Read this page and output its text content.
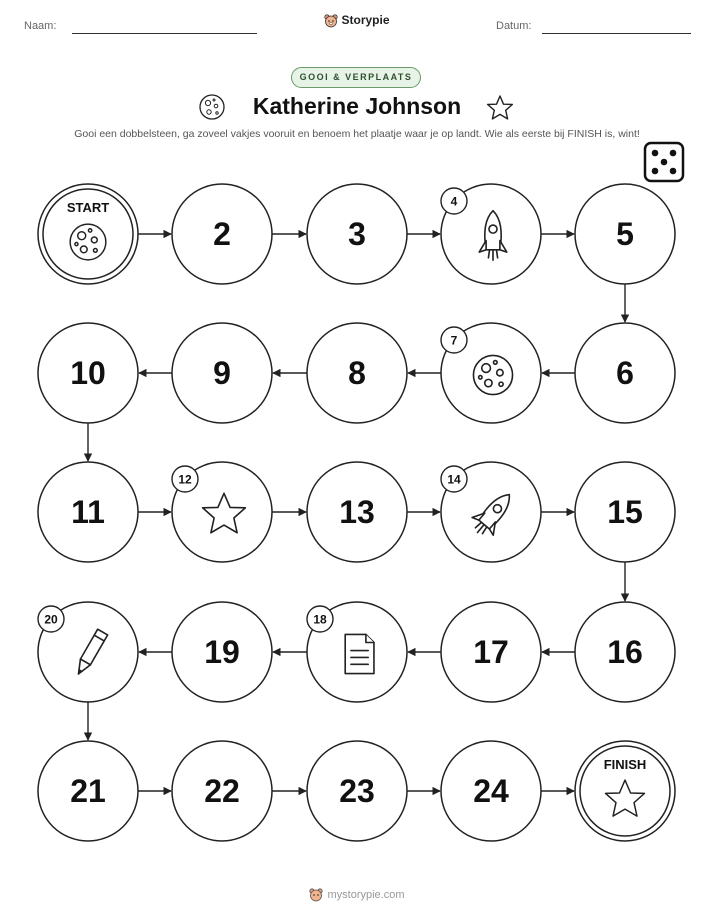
Naam:	Storypie	Datum:
GOOI & VERPLAATS
Katherine Johnson
Gooi een dobbelsteen, ga zoveel vakjes vooruit en benoem het plaatje waar je op landt. Wie als eerste bij FINISH is, wint!
START
2	3
4
5
6
7
8
9
10
11
12
13
14
15
16
17
18
19
20
21	22	23	24
FINISH
mystorypie.com
